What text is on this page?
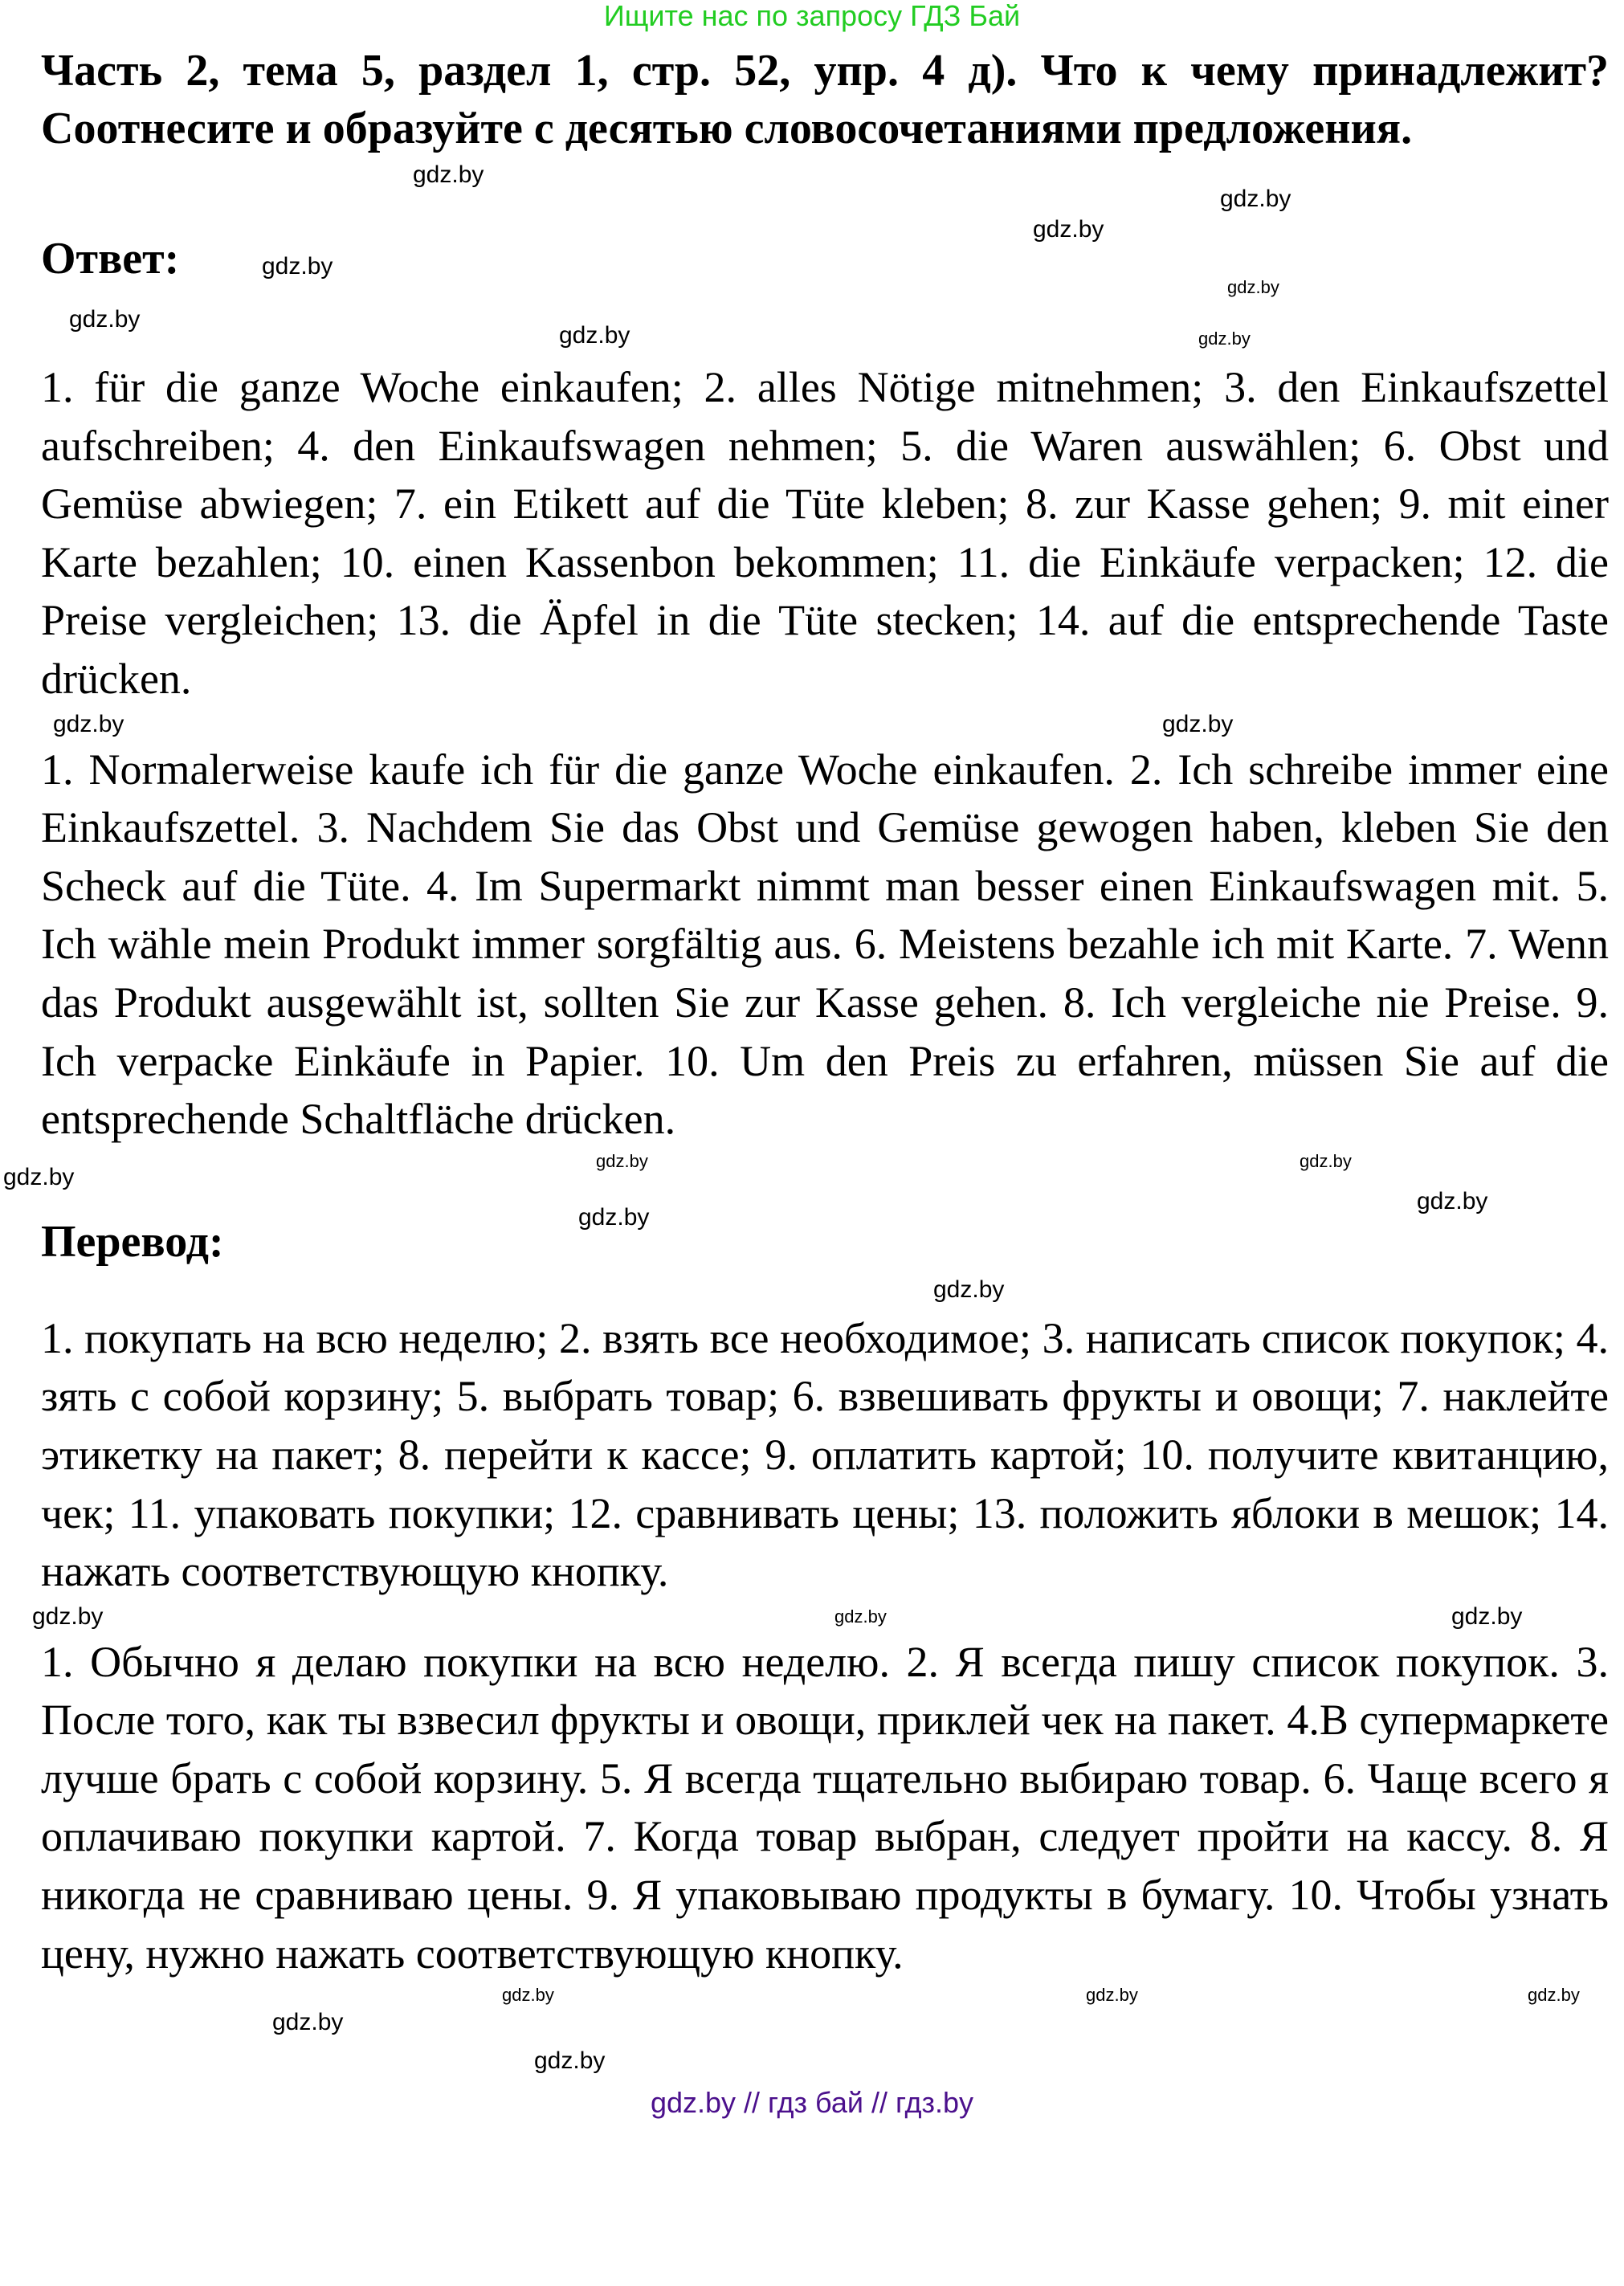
Ищите нас по запросу ГДЗ Бай
Часть 2, тема 5, раздел 1, стр. 52, упр. 4 д). Что к чему принадлежит? Соотнесите и образуйте с десятью словосочетаниями предложения.
gdz.by
gdz.by
gdz.by
Ответ:	gdz.by
gdz.by
gdz.by
gdz.by	gdz.by
1. für die ganze Woche einkaufen; 2. alles Nötige mitnehmen; 3. den Einkaufszettel aufschreiben; 4. den Einkaufswagen nehmen; 5. die Waren auswählen; 6. Obst und Gemüse abwiegen; 7. ein Etikett auf die Tüte kleben; 8. zur Kasse gehen; 9. mit einer Karte bezahlen; 10. einen Kassenbon bekommen; 11. die Einkäufe verpacken; 12. die Preise vergleichen; 13. die Äpfel in die Tüte stecken; 14. auf die entsprechende Taste drücken.
gdz.by	gdz.by
1. Normalerweise kaufe ich für die ganze Woche einkaufen. 2. Ich schreibe immer eine Einkaufszettel. 3. Nachdem Sie das Obst und Gemüse gewogen haben, kleben Sie den Scheck auf die Tüte. 4. Im Supermarkt nimmt man besser einen Einkaufswagen mit. 5. Ich wähle mein Produkt immer sorgfältig aus. 6. Meistens bezahle ich mit Karte. 7. Wenn das Produkt ausgewählt ist, sollten Sie zur Kasse gehen. 8. Ich vergleiche nie Preise. 9. Ich verpacke Einkäufe in Papier. 10. Um den Preis zu erfahren, müssen Sie auf die entsprechende Schaltfläche drücken.
gdz.by	gdz.by
gdz.by
gdz.by
Перевод:	gdz.by
gdz.by
1. покупать на всю неделю; 2. взять все необходимое; 3. написать список покупок; 4. зять с собой корзину; 5. выбрать товар; 6. взвешивать фрукты и овощи; 7. наклейте этикетку на пакет; 8. перейти к кассе; 9. оплатить картой; 10. получите квитанцию, чек; 11. упаковать покупки; 12. сравнивать цены; 13. положить яблоки в мешок; 14. нажать соответствующую кнопку.
gdz.by	gdz.by	gdz.by
1. Обычно я делаю покупки на всю неделю. 2. Я всегда пишу список покупок. 3. После того, как ты взвесил фрукты и овощи, приклей чек на пакет. 4.В супермаркете лучше брать с собой корзину. 5. Я всегда тщательно выбираю товар. 6. Чаще всего я оплачиваю покупки картой. 7. Когда товар выбран, следует пройти на кассу. 8. Я никогда не сравниваю цены. 9. Я упаковываю продукты в бумагу. 10. Чтобы узнать цену, нужно нажать соответствующую кнопку.
gdz.by	gdz.by	gdz.by
gdz.by
gdz.by
gdz.by // гдз бай // гдз.by
